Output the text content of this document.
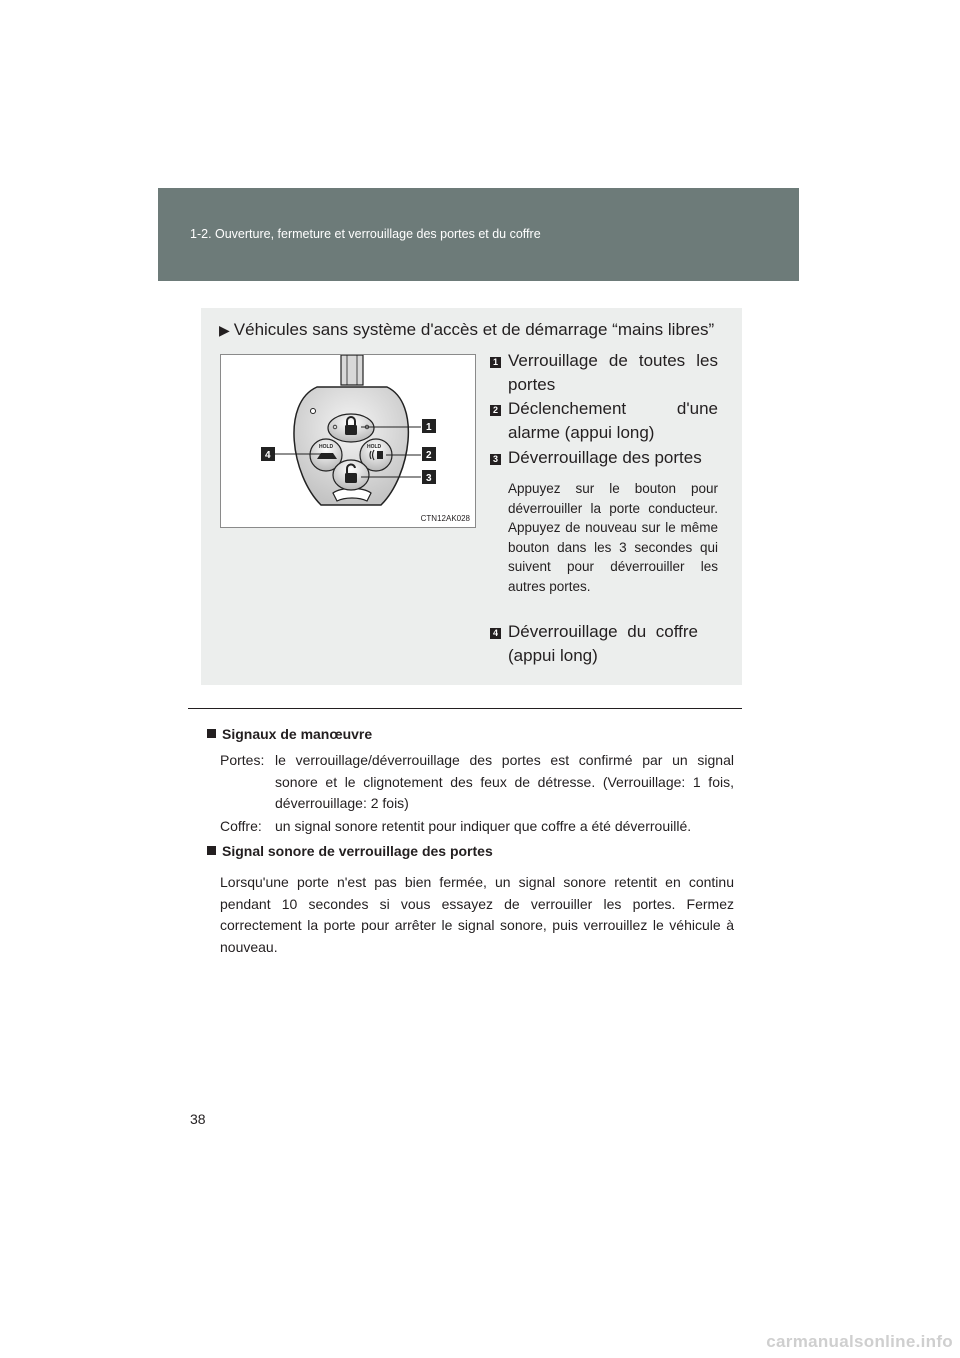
1-2. Ouverture, fermeture et verrouillage des portes et du coffre
▶ Véhicules sans système d'accès et de démarrage “mains libres”
HOLD	HOLD
1
2
3
4
CTN12AK028
1 Verrouillage de toutes les portes
2 Déclenchement d'une alarme (appui long)
3 Déverrouillage des portes
Appuyez sur le bouton pour déverrouiller la porte conducteur. Appuyez de nouveau sur le même bouton dans les 3 secondes qui suivent pour déverrouiller les autres portes.
4 Déverrouillage du coffre (appui long)
Signaux de manœuvre
Portes: le verrouillage/déverrouillage des portes est confirmé par un signal sonore et le clignotement des feux de détresse. (Verrouillage: 1 fois, déverrouillage: 2 fois)
Coffre: un signal sonore retentit pour indiquer que coffre a été déverrouillé.
Signal sonore de verrouillage des portes
Lorsqu'une porte n'est pas bien fermée, un signal sonore retentit en continu pendant 10 secondes si vous essayez de verrouiller les portes. Fermez correctement la porte pour arrêter le signal sonore, puis verrouillez le véhicule à nouveau.
38
carmanualsonline.info
